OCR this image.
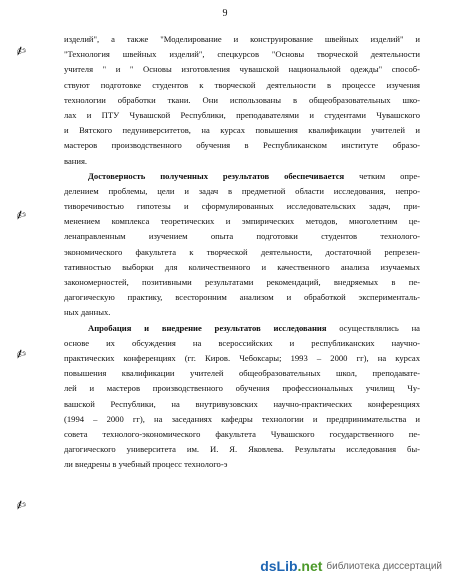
9
✍
✍
✍
✍
изделий", а также "Моделирование и конструирование швейных изделий" и
"Технология швейных изделий", спецкурсов "Основы творческой деятельности
учителя " и " Основы изготовления чувашской национальной одежды" способ-
ствуют подготовке студентов к творческой деятельности в процессе изучения
технологии обработки ткани. Они использованы в общеобразовательных шко-
лах и ПТУ Чувашской Республики, преподавателями и студентами Чувашского
и Вятского педуниверситетов, на курсах повышения квалификации учителей и
мастеров производственного обучения в Республиканском институте образо-
вания.
Достоверность полученных результатов обеспечивается четким опре-
делением проблемы, цели и задач в предметной области исследования, непро-
тиворечивостью гипотезы и сформулированных исследовательских задач, при-
менением комплекса теоретических и эмпирических методов, многолетним це-
ленаправленным изучением опыта подготовки студентов технолого-
экономического факультета к творческой деятельности, достаточной репрезен-
тативностью выборки для количественного и качественного анализа изучаемых
закономерностей, позитивными результатами рекомендаций, внедряемых в пе-
дагогическую практику, всесторонним анализом и обработкой эксперименталь-
ных данных.
Апробация и внедрение результатов исследования осуществлялись на
основе их обсуждения на всероссийских и республиканских научно-
практических конференциях (гг. Киров. Чебоксары; 1993 – 2000 гг), на курсах
повышения квалификации учителей общеобразовательных школ, преподавате-
лей и мастеров производственного обучения профессиональных училищ Чу-
вашской Республики, на внутривузовских научно-практических конференциях
(1994 – 2000 гг), на заседаниях кафедры технологии и предпринимательства и
совета технолого-экономического факультета Чувашского государственного пе-
дагогического университета им. И. Я. Яковлева. Результаты исследования бы-
ли внедрены в учебный процесс технолого-э
dsLib.net библиотека диссертаций
